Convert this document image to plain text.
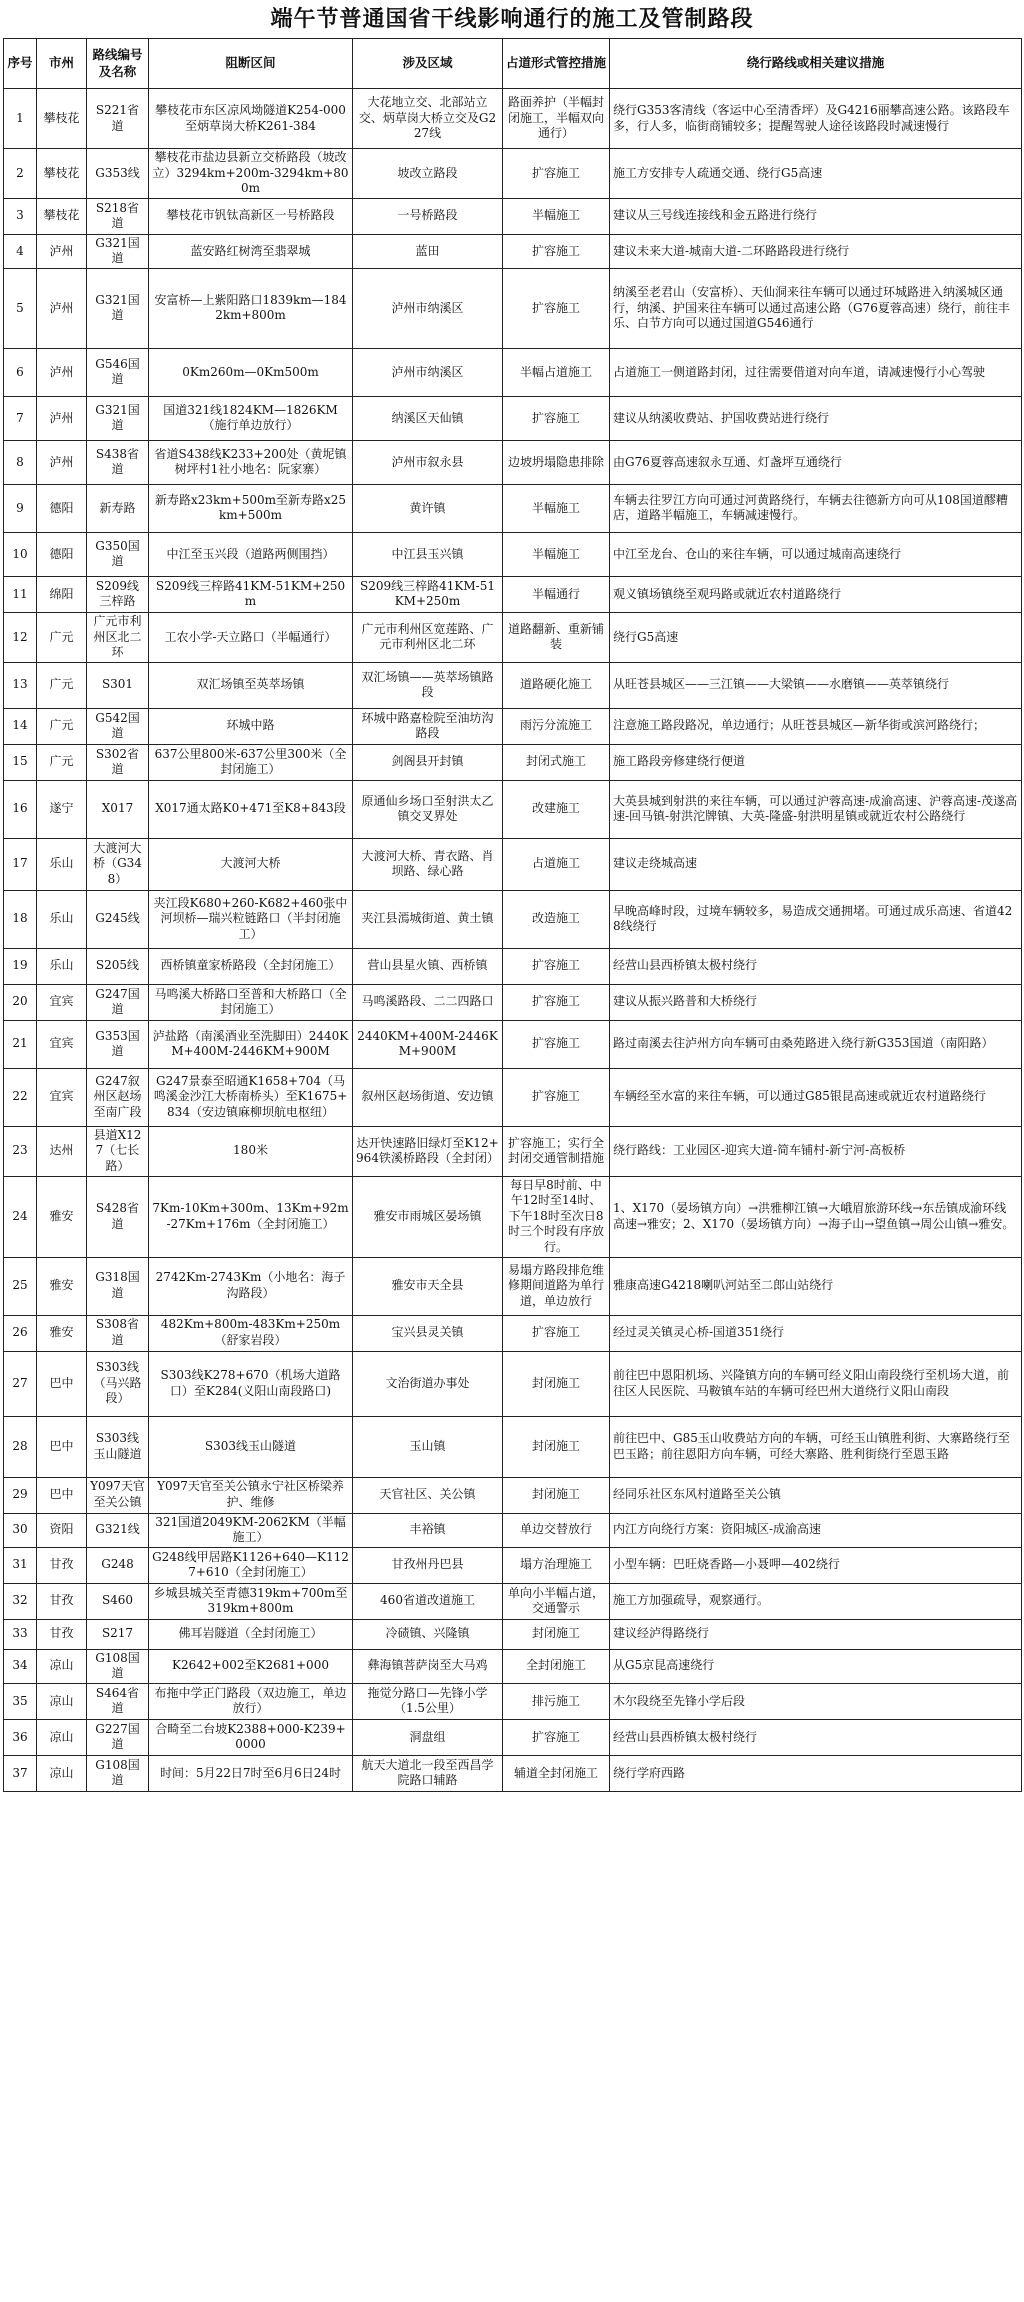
端午节普通国省干线影响通行的施工及管制路段
序号	市州	路线编号及名称	阻断区间	涉及区域	占道形式管控措施	绕行路线或相关建议措施
1	攀枝花	S221省道	攀枝花市东区凉风坳隧道K254-000至炳草岗大桥K261-384	大花地立交、北部站立交、炳草岗大桥立交及G227线	路面养护（半幅封闭施工，半幅双向通行）	绕行G353客清线（客运中心至清香坪）及G4216丽攀高速公路。该路段车多，行人多，临街商铺较多；提醒驾驶人途径该路段时减速慢行
2	攀枝花	G353线	攀枝花市盐边县新立交桥路段（坡改立）3294km+200m-3294km+800m	坡改立路段	扩容施工	施工方安排专人疏通交通、绕行G5高速
3	攀枝花	S218省道	攀枝花市钒钛高新区一号桥路段	一号桥路段	半幅施工	建议从三号线连接线和金五路进行绕行
4	泸州	G321国道	蓝安路红树湾至翡翠城	蓝田	扩容施工	建议未来大道-城南大道-二环路路段进行绕行
5	泸州	G321国道	安富桥—上紫阳路口1839km—1842km+800m	泸州市纳溪区	扩容施工	纳溪至老君山（安富桥）、天仙洞来往车辆可以通过环城路进入纳溪城区通行，纳溪、护国来往车辆可以通过高速公路（G76夏蓉高速）绕行，前往丰乐、白节方向可以通过国道G546通行
6	泸州	G546国道	0Km260m—0Km500m	泸州市纳溪区	半幅占道施工	占道施工一侧道路封闭，过往需要借道对向车道，请减速慢行小心驾驶
7	泸州	G321国道	国道321线1824KM—1826KM（施行单边放行）	纳溪区天仙镇	扩容施工	建议从纳溪收费站、护国收费站进行绕行
8	泸州	S438省道	省道S438线K233+200处（黄坭镇树坪村1社小地名：阮家寨）	泸州市叙永县	边坡坍塌隐患排除	由G76夏蓉高速叙永互通、灯盏坪互通绕行
9	德阳	新寿路	新寿路x23km+500m至新寿路x25km+500m	黄许镇	半幅施工	车辆去往罗江方向可通过河黄路绕行，车辆去往德新方向可从108国道醪糟店，道路半幅施工，车辆减速慢行。
10	德阳	G350国道	中江至玉兴段（道路两侧围挡）	中江县玉兴镇	半幅施工	中江至龙台、仓山的来往车辆，可以通过城南高速绕行
11	绵阳	S209线三梓路	S209线三梓路41KM-51KM+250m	S209线三梓路41KM-51KM+250m	半幅通行	观义镇场镇绕至观玛路或就近农村道路绕行
12	广元	广元市利州区北二环	工农小学-天立路口（半幅通行）	广元市利州区宽莲路、广元市利州区北二环	道路翻新、重新铺装	绕行G5高速
13	广元	S301	双汇场镇至英萃场镇	双汇场镇——英萃场镇路段	道路硬化施工	从旺苍县城区——三江镇——大梁镇——水磨镇——英萃镇绕行
14	广元	G542国道	环城中路	环城中路嘉检院至油坊沟路段	雨污分流施工	注意施工路段路况，单边通行；从旺苍县城区—新华街或滨河路绕行；
15	广元	S302省道	637公里800米-637公里300米（全封闭施工）	剑阁县开封镇	封闭式施工	施工路段旁修建绕行便道
16	遂宁	X017	X017通太路K0+471至K8+843段	原通仙乡场口至射洪太乙镇交叉界处	改建施工	大英县城到射洪的来往车辆，可以通过沪蓉高速-成渝高速、沪蓉高速-茂遂高速-回马镇-射洪沱牌镇、大英-隆盛-射洪明星镇或就近农村公路绕行
17	乐山	大渡河大桥（G348）	大渡河大桥	大渡河大桥、青衣路、肖坝路、绿心路	占道施工	建议走绕城高速
18	乐山	G245线	夹江段K680+260-K682+460张中河坝桥—瑞兴粒链路口（半封闭施工）	夹江县漹城街道、黄土镇	改造施工	早晚高峰时段，过境车辆较多，易造成交通拥堵。可通过成乐高速、省道428线绕行
19	乐山	S205线	西桥镇童家桥路段（全封闭施工）	营山县星火镇、西桥镇	扩容施工	经营山县西桥镇太极村绕行
20	宜宾	G247国道	马鸣溪大桥路口至普和大桥路口（全封闭施工）	马鸣溪路段、二二四路口	扩容施工	建议从振兴路普和大桥绕行
21	宜宾	G353国道	泸盐路（南溪酒业至洗脚田）2440KM+400M-2446KM+900M	2440KM+400M-2446KM+900M	扩容施工	路过南溪去往泸州方向车辆可由桑苑路进入绕行新G353国道（南阳路）
22	宜宾	G247叙州区赵场至南广段	G247景泰至昭通K1658+704（马鸣溪金沙江大桥南桥头）至K1675+834（安边镇麻柳坝航电枢纽）	叙州区赵场街道、安边镇	扩容施工	车辆经至水富的来往车辆，可以通过G85银昆高速或就近农村道路绕行
23	达州	县道X127（七长路）	180米	达开快速路旧绿灯至K12+964铁溪桥路段（全封闭）	扩容施工；实行全封闭交通管制措施	绕行路线：工业园区-迎宾大道-简车铺村-新宁河-高板桥
24	雅安	S428省道	7Km-10Km+300m、13Km+92m-27Km+176m（全封闭施工）	雅安市雨城区晏场镇	每日早8时前、中午12时至14时、下午18时至次日8时三个时段有序放行。	1、X170（晏场镇方向）→洪雅柳江镇→大峨眉旅游环线→东岳镇成渝环线高速→雅安；2、X170（晏场镇方向）→海子山→望鱼镇→周公山镇→雅安。
25	雅安	G318国道	2742Km-2743Km（小地名：海子沟路段）	雅安市天全县	易塌方路段排危维修期间道路为单行道，单边放行	雅康高速G4218喇叭河站至二郎山站绕行
26	雅安	S308省道	482Km+800m-483Km+250m（舒家岩段）	宝兴县灵关镇	扩容施工	经过灵关镇灵心桥-国道351绕行
27	巴中	S303线（马兴路段）	S303线K278+670（机场大道路口）至K284(义阳山南段路口)	文治街道办事处	封闭施工	前往巴中恩阳机场、兴隆镇方向的车辆可经义阳山南段绕行至机场大道，前往区人民医院、马鞍镇车站的车辆可经巴州大道绕行义阳山南段
28	巴中	S303线玉山隧道	S303线玉山隧道	玉山镇	封闭施工	前往巴中、G85玉山收费站方向的车辆，可经玉山镇胜利街、大寨路绕行至巴玉路；前往恩阳方向车辆，可经大寨路、胜利街绕行至恩玉路
29	巴中	Y097天官至关公镇	Y097天官至关公镇永宁社区桥梁养护、维修	天官社区、关公镇	封闭施工	经同乐社区东风村道路至关公镇
30	资阳	G321线	321国道2049KM-2062KM（半幅施工）	丰裕镇	单边交替放行	内江方向绕行方案：资阳城区-成渝高速
31	甘孜	G248	G248线甲居路K1126+640—K1127+610（全封闭施工）	甘孜州丹巴县	塌方治理施工	小型车辆：巴旺烧香路—小聂呷—402绕行
32	甘孜	S460	乡城县城关至青德319km+700m至319km+800m	460省道改道施工	单向小半幅占道，交通警示	施工方加强疏导，观察通行。
33	甘孜	S217	佛耳岩隧道（全封闭施工）	冷碛镇、兴隆镇	封闭施工	建议经泸得路绕行
34	凉山	G108国道	K2642+002至K2681+000	彝海镇菩萨岗至大马鸡	全封闭施工	从G5京昆高速绕行
35	凉山	S464省道	布拖中学正门路段（双边施工，单边放行）	拖觉分路口—先锋小学（1.5公里）	排污施工	木尔段绕至先锋小学后段
36	凉山	G227国道	合畸至二台坡K2388+000-K239+0000	洞盘组	扩容施工	经营山县西桥镇太极村绕行
37	凉山	G108国道	时间：5月22日7时至6月6日24时	航天大道北一段至西昌学院路口辅路	辅道全封闭施工	绕行学府西路
